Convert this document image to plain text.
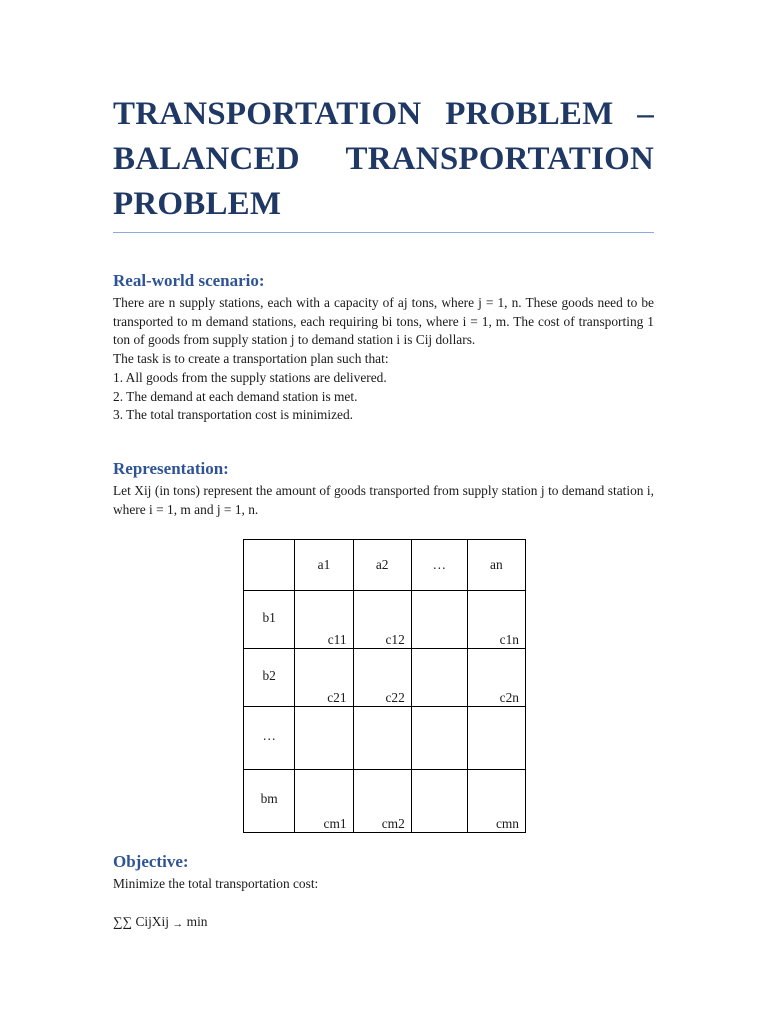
TRANSPORTATION PROBLEM – BALANCED TRANSPORTATION PROBLEM
Real-world scenario:

There are n supply stations, each with a capacity of aj tons, where j = 1, n. These goods need to be transported to m demand stations, each requiring bi tons, where i = 1, m. The cost of transporting 1 ton of goods from supply station j to demand station i is Cij dollars.

The task is to create a transportation plan such that:

1. All goods from the supply stations are delivered.

2. The demand at each demand station is met.

3. The total transportation cost is minimized.

Representation:

Let Xij (in tons) represent the amount of goods transported from supply station j to demand station i, where i = 1, m and j = 1, n.

	a1	a2	…	an
b1	c11	c12		c1n
b2	c21	c22		c2n
…				
bm	cm1	cm2		cmn
Objective:

Minimize the total transportation cost:

∑∑ CijXij → min
